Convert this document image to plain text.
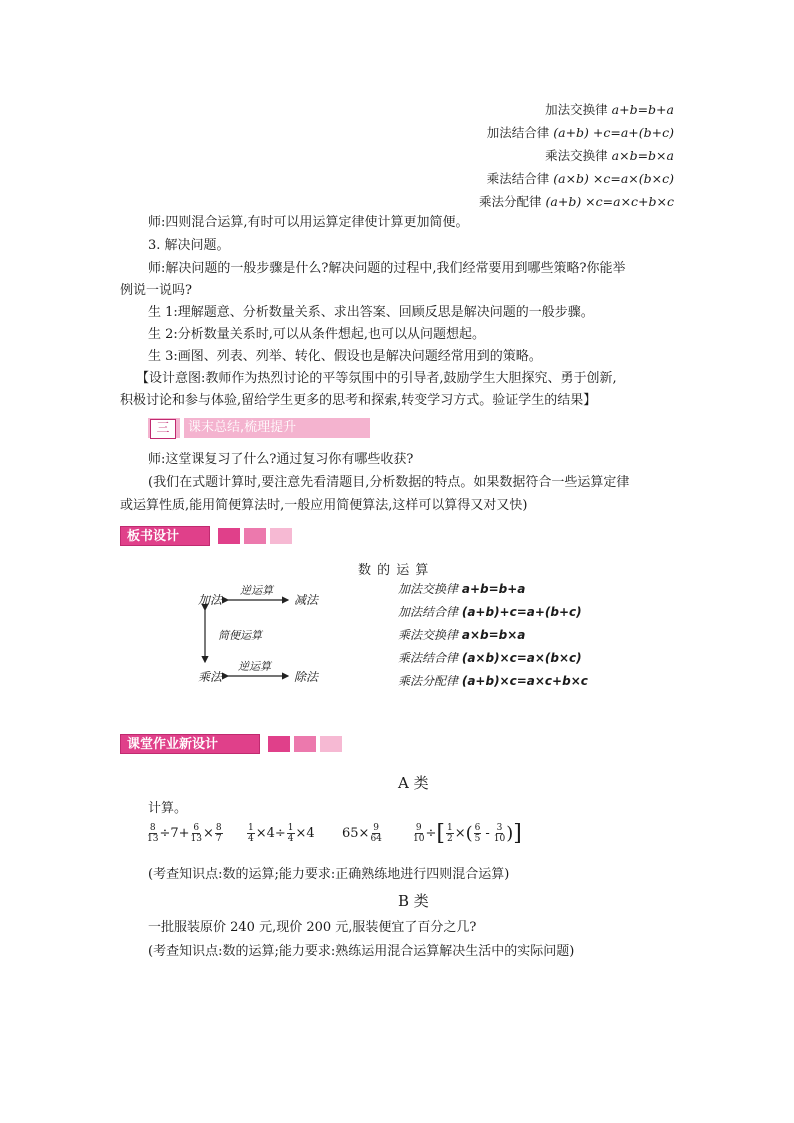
加法交换律 a+b=b+a
加法结合律 (a+b) +c=a+(b+c)
乘法交换律 a×b=b×a
乘法结合律 (a×b) ×c=a×(b×c)
乘法分配律 (a+b) ×c=a×c+b×c
师:四则混合运算,有时可以用运算定律使计算更加简便。
3. 解决问题。
师:解决问题的一般步骤是什么?解决问题的过程中,我们经常要用到哪些策略?你能举
例说一说吗?
生 1:理解题意、分析数量关系、求出答案、回顾反思是解决问题的一般步骤。
生 2:分析数量关系时,可以从条件想起,也可以从问题想起。
生 3:画图、列表、列举、转化、假设也是解决问题经常用到的策略。
【设计意图:教师作为热烈讨论的平等氛围中的引导者,鼓励学生大胆探究、勇于创新,
积极讨论和参与体验,留给学生更多的思考和探索,转变学习方式。验证学生的结果】
三	课末总结,梳理提升
师:这堂课复习了什么?通过复习你有哪些收获?
(我们在式题计算时,要注意先看清题目,分析数据的特点。如果数据符合一些运算定律
或运算性质,能用简便算法时,一般应用简便算法,这样可以算得又对又快)
板书设计
数 的 运 算
加法	减法
逆运算
简便运算
逆运算
乘法	除法
加法交换律 a+b=b+a
加法结合律 (a+b)+c=a+(b+c)
乘法交换律 a×b=b×a
乘法结合律 (a×b)×c=a×(b×c)
乘法分配律 (a+b)×c=a×c+b×c
课堂作业新设计
A 类
计算。
$\frac{8}{13} \div 7+ \frac{6}{13} \times \frac{8}{7}$	$\frac{1}{4} \times 4\div \frac{1}{4} \times 4$ $65\times \frac{9}{64}$	$\frac{9}{10}$ ÷ [ $\frac{1}{2}$ × ( $\frac{6}{5} - \frac{3}{10}$ ) ]
(考查知识点:数的运算;能力要求:正确熟练地进行四则混合运算)
B 类
一批服装原价 240 元,现价 200 元,服装便宜了百分之几?
(考查知识点:数的运算;能力要求:熟练运用混合运算解决生活中的实际问题)
